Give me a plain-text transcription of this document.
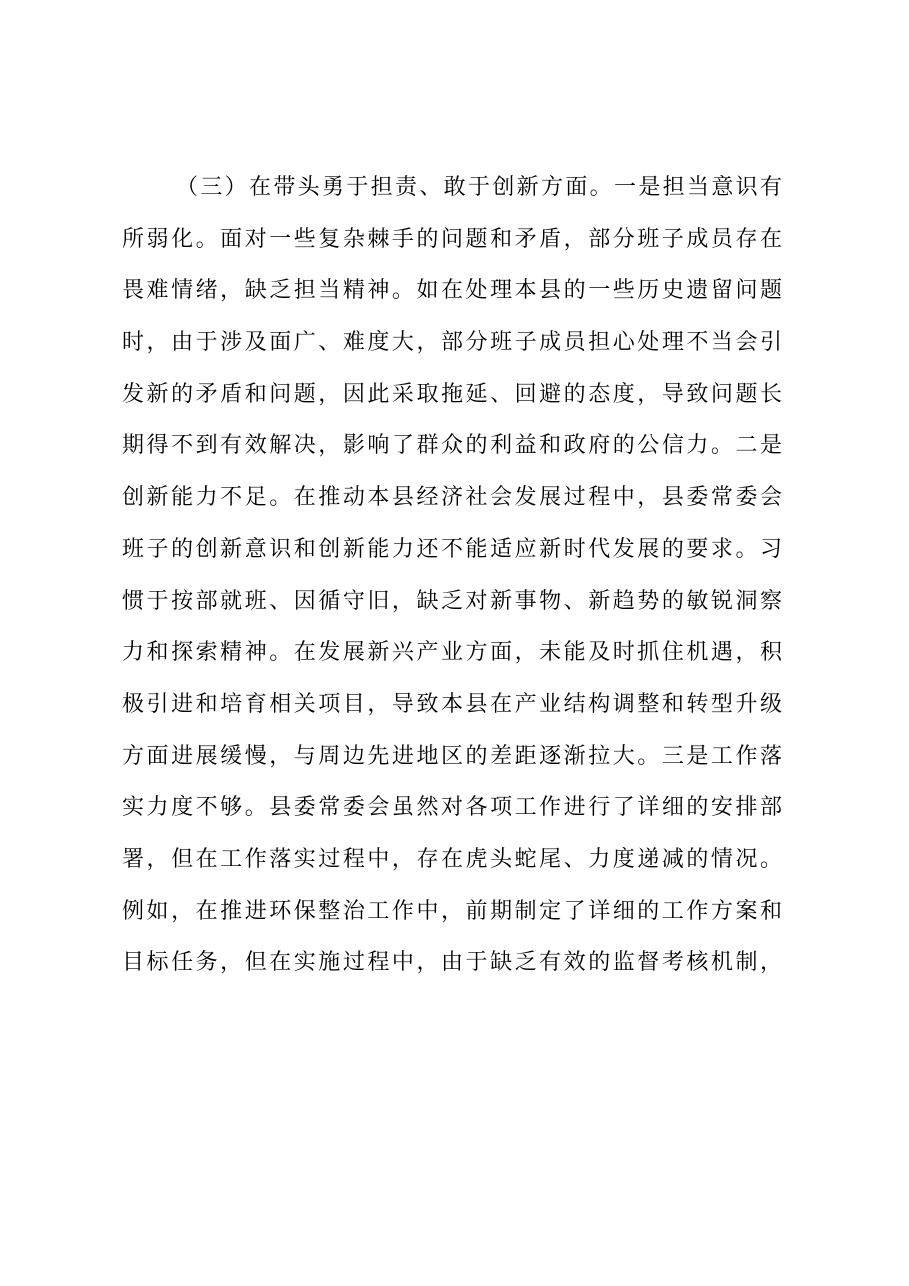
（三）在带头勇于担责、敢于创新方面。一是担当意识有
所弱化。面对一些复杂棘手的问题和矛盾，部分班子成员存在
畏难情绪，缺乏担当精神。如在处理本县的一些历史遗留问题
时，由于涉及面广、难度大，部分班子成员担心处理不当会引
发新的矛盾和问题，因此采取拖延、回避的态度，导致问题长
期得不到有效解决，影响了群众的利益和政府的公信力。二是
创新能力不足。在推动本县经济社会发展过程中，县委常委会
班子的创新意识和创新能力还不能适应新时代发展的要求。习
惯于按部就班、因循守旧，缺乏对新事物、新趋势的敏锐洞察
力和探索精神。在发展新兴产业方面，未能及时抓住机遇，积
极引进和培育相关项目，导致本县在产业结构调整和转型升级
方面进展缓慢，与周边先进地区的差距逐渐拉大。三是工作落
实力度不够。县委常委会虽然对各项工作进行了详细的安排部
署，但在工作落实过程中，存在虎头蛇尾、力度递减的情况。
例如，在推进环保整治工作中，前期制定了详细的工作方案和
目标任务，但在实施过程中，由于缺乏有效的监督考核机制，
